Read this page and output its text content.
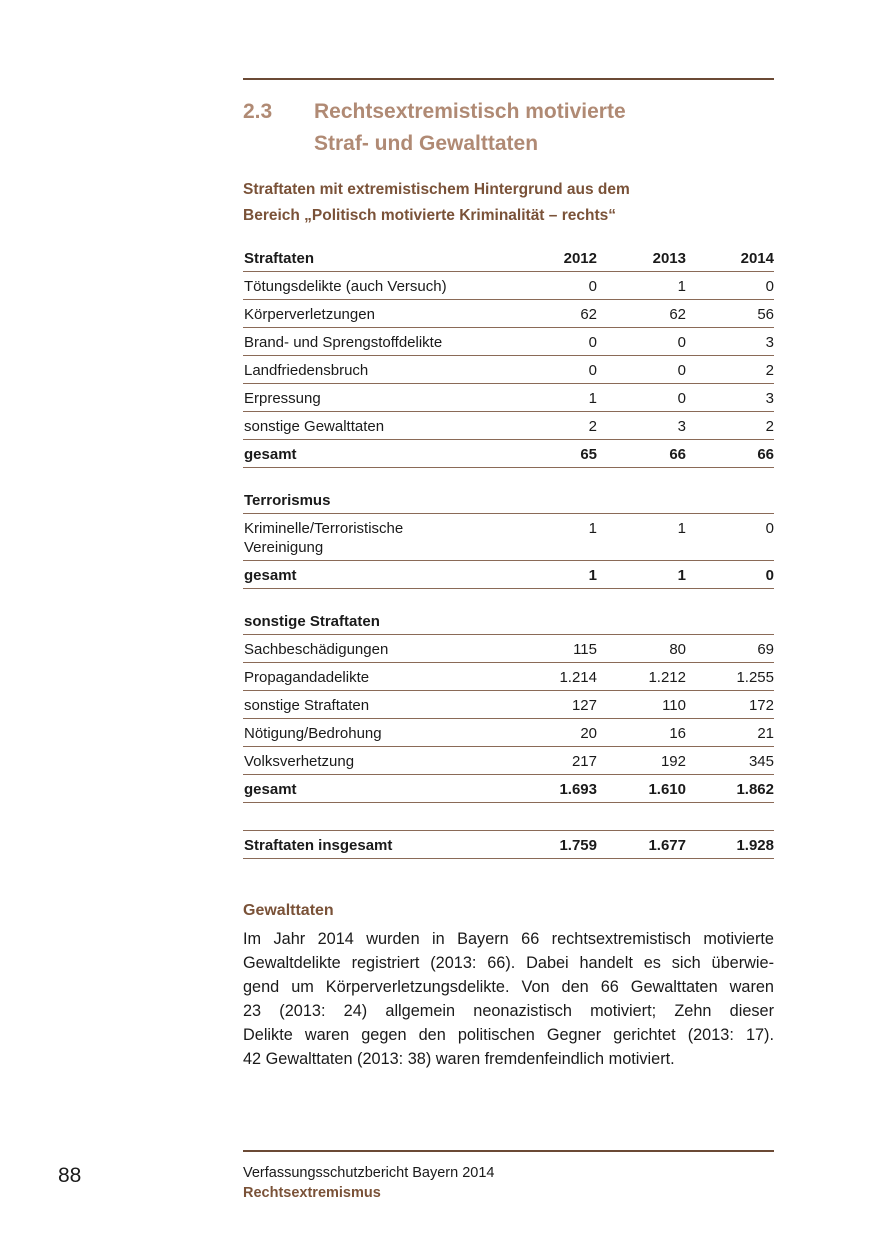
2.3 Rechtsextremistisch motivierte
Straf- und Gewalttaten
Straftaten mit extremistischem Hintergrund aus dem
Bereich „Politisch motivierte Kriminalität – rechts“
Straftaten	2012	2013	2014
Tötungsdelikte (auch Versuch)	0	1	0
Körperverletzungen	62	62	56
Brand- und Sprengstoffdelikte	0	0	3
Landfriedensbruch	0	0	2
Erpressung	1	0	3
sonstige Gewalttaten	2	3	2
gesamt	65	66	66
Terrorismus
Kriminelle/Terroristische
Vereinigung
1	1	0
gesamt	1	1	0
sonstige Straftaten
Sachbeschädigungen	115	80	69
Propagandadelikte	1.214	1.212	1.255
sonstige Straftaten	127	110	172
Nötigung/Bedrohung	20	16	21
Volksverhetzung	217	192	345
gesamt	1.693	1.610	1.862
Straftaten insgesamt	1.759	1.677	1.928
Gewalttaten
Im Jahr 2014 wurden in Bayern 66 rechtsextremistisch motivierte
Gewaltdelikte registriert (2013: 66). Dabei handelt es sich überwie-
gend um Körperverletzungsdelikte. Von den 66 Gewalttaten waren
23 (2013: 24) allgemein neonazistisch motiviert; Zehn dieser
Delikte waren gegen den politischen Gegner gerichtet (2013: 17).
42 Gewalttaten (2013: 38) waren fremdenfeindlich motiviert.
88	Verfassungsschutzbericht Bayern 2014
Rechtsextremismus
